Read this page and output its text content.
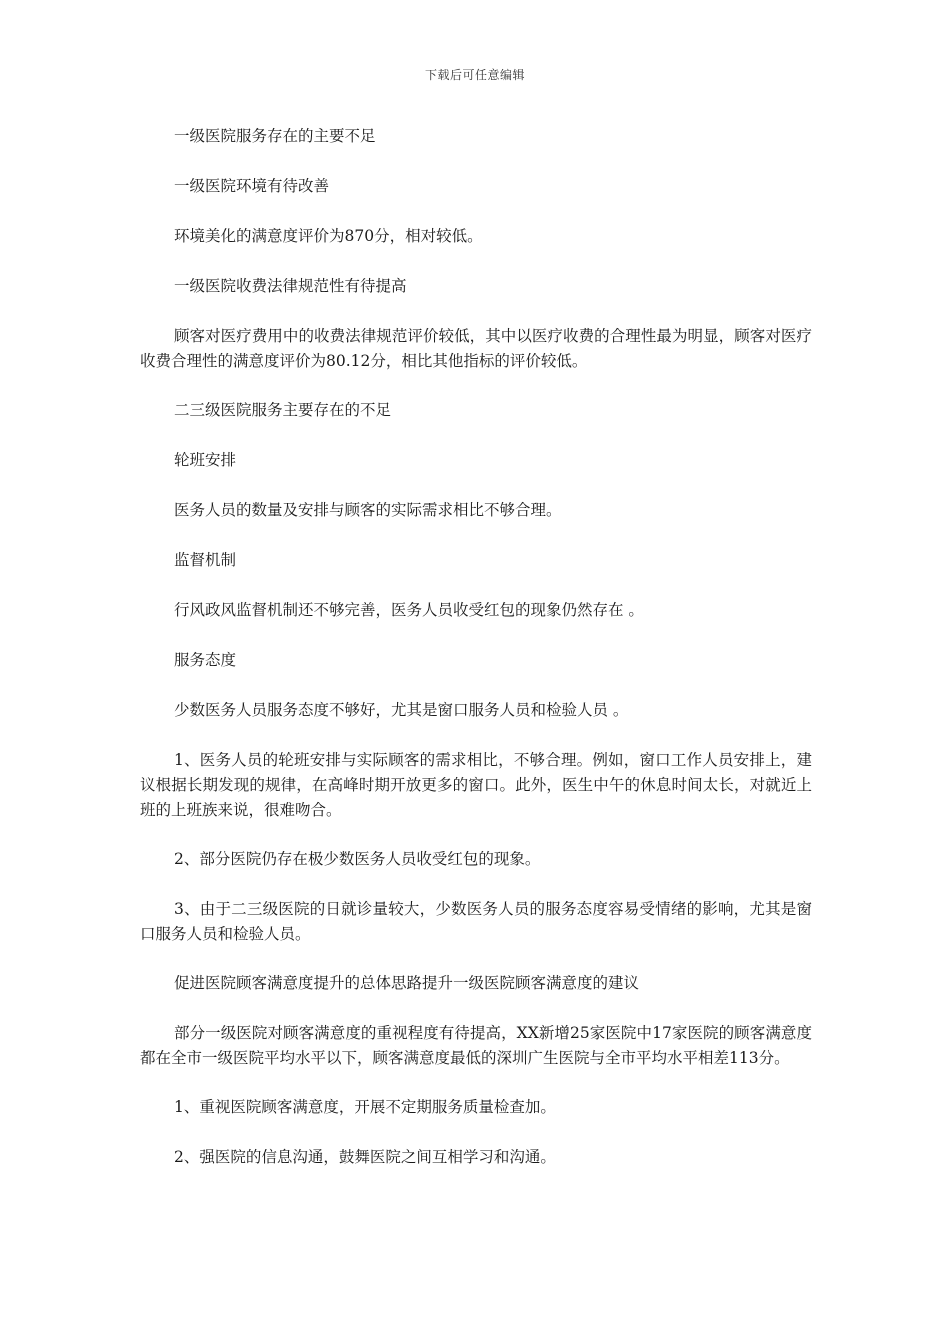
下载后可任意编辑

一级医院服务存在的主要不足

一级医院环境有待改善

环境美化的满意度评价为870分，相对较低。

一级医院收费法律规范性有待提高

顾客对医疗费用中的收费法律规范评价较低，其中以医疗收费的合理性最为明显，顾客对医疗收费合理性的满意度评价为80.12分，相比其他指标的评价较低。

二三级医院服务主要存在的不足

轮班安排

医务人员的数量及安排与顾客的实际需求相比不够合理。

监督机制

行风政风监督机制还不够完善，医务人员收受红包的现象仍然存在 。

服务态度

少数医务人员服务态度不够好，尤其是窗口服务人员和检验人员 。

1、医务人员的轮班安排与实际顾客的需求相比，不够合理。例如，窗口工作人员安排上，建议根据长期发现的规律，在高峰时期开放更多的窗口。此外，医生中午的休息时间太长，对就近上班的上班族来说，很难吻合。

2、部分医院仍存在极少数医务人员收受红包的现象。

3、由于二三级医院的日就诊量较大，少数医务人员的服务态度容易受情绪的影响，尤其是窗口服务人员和检验人员。

促进医院顾客满意度提升的总体思路提升一级医院顾客满意度的建议

部分一级医院对顾客满意度的重视程度有待提高，XX新增25家医院中17家医院的顾客满意度都在全市一级医院平均水平以下，顾客满意度最低的深圳广生医院与全市平均水平相差113分。

1、重视医院顾客满意度，开展不定期服务质量检查加。

2、强医院的信息沟通，鼓舞医院之间互相学习和沟通。
